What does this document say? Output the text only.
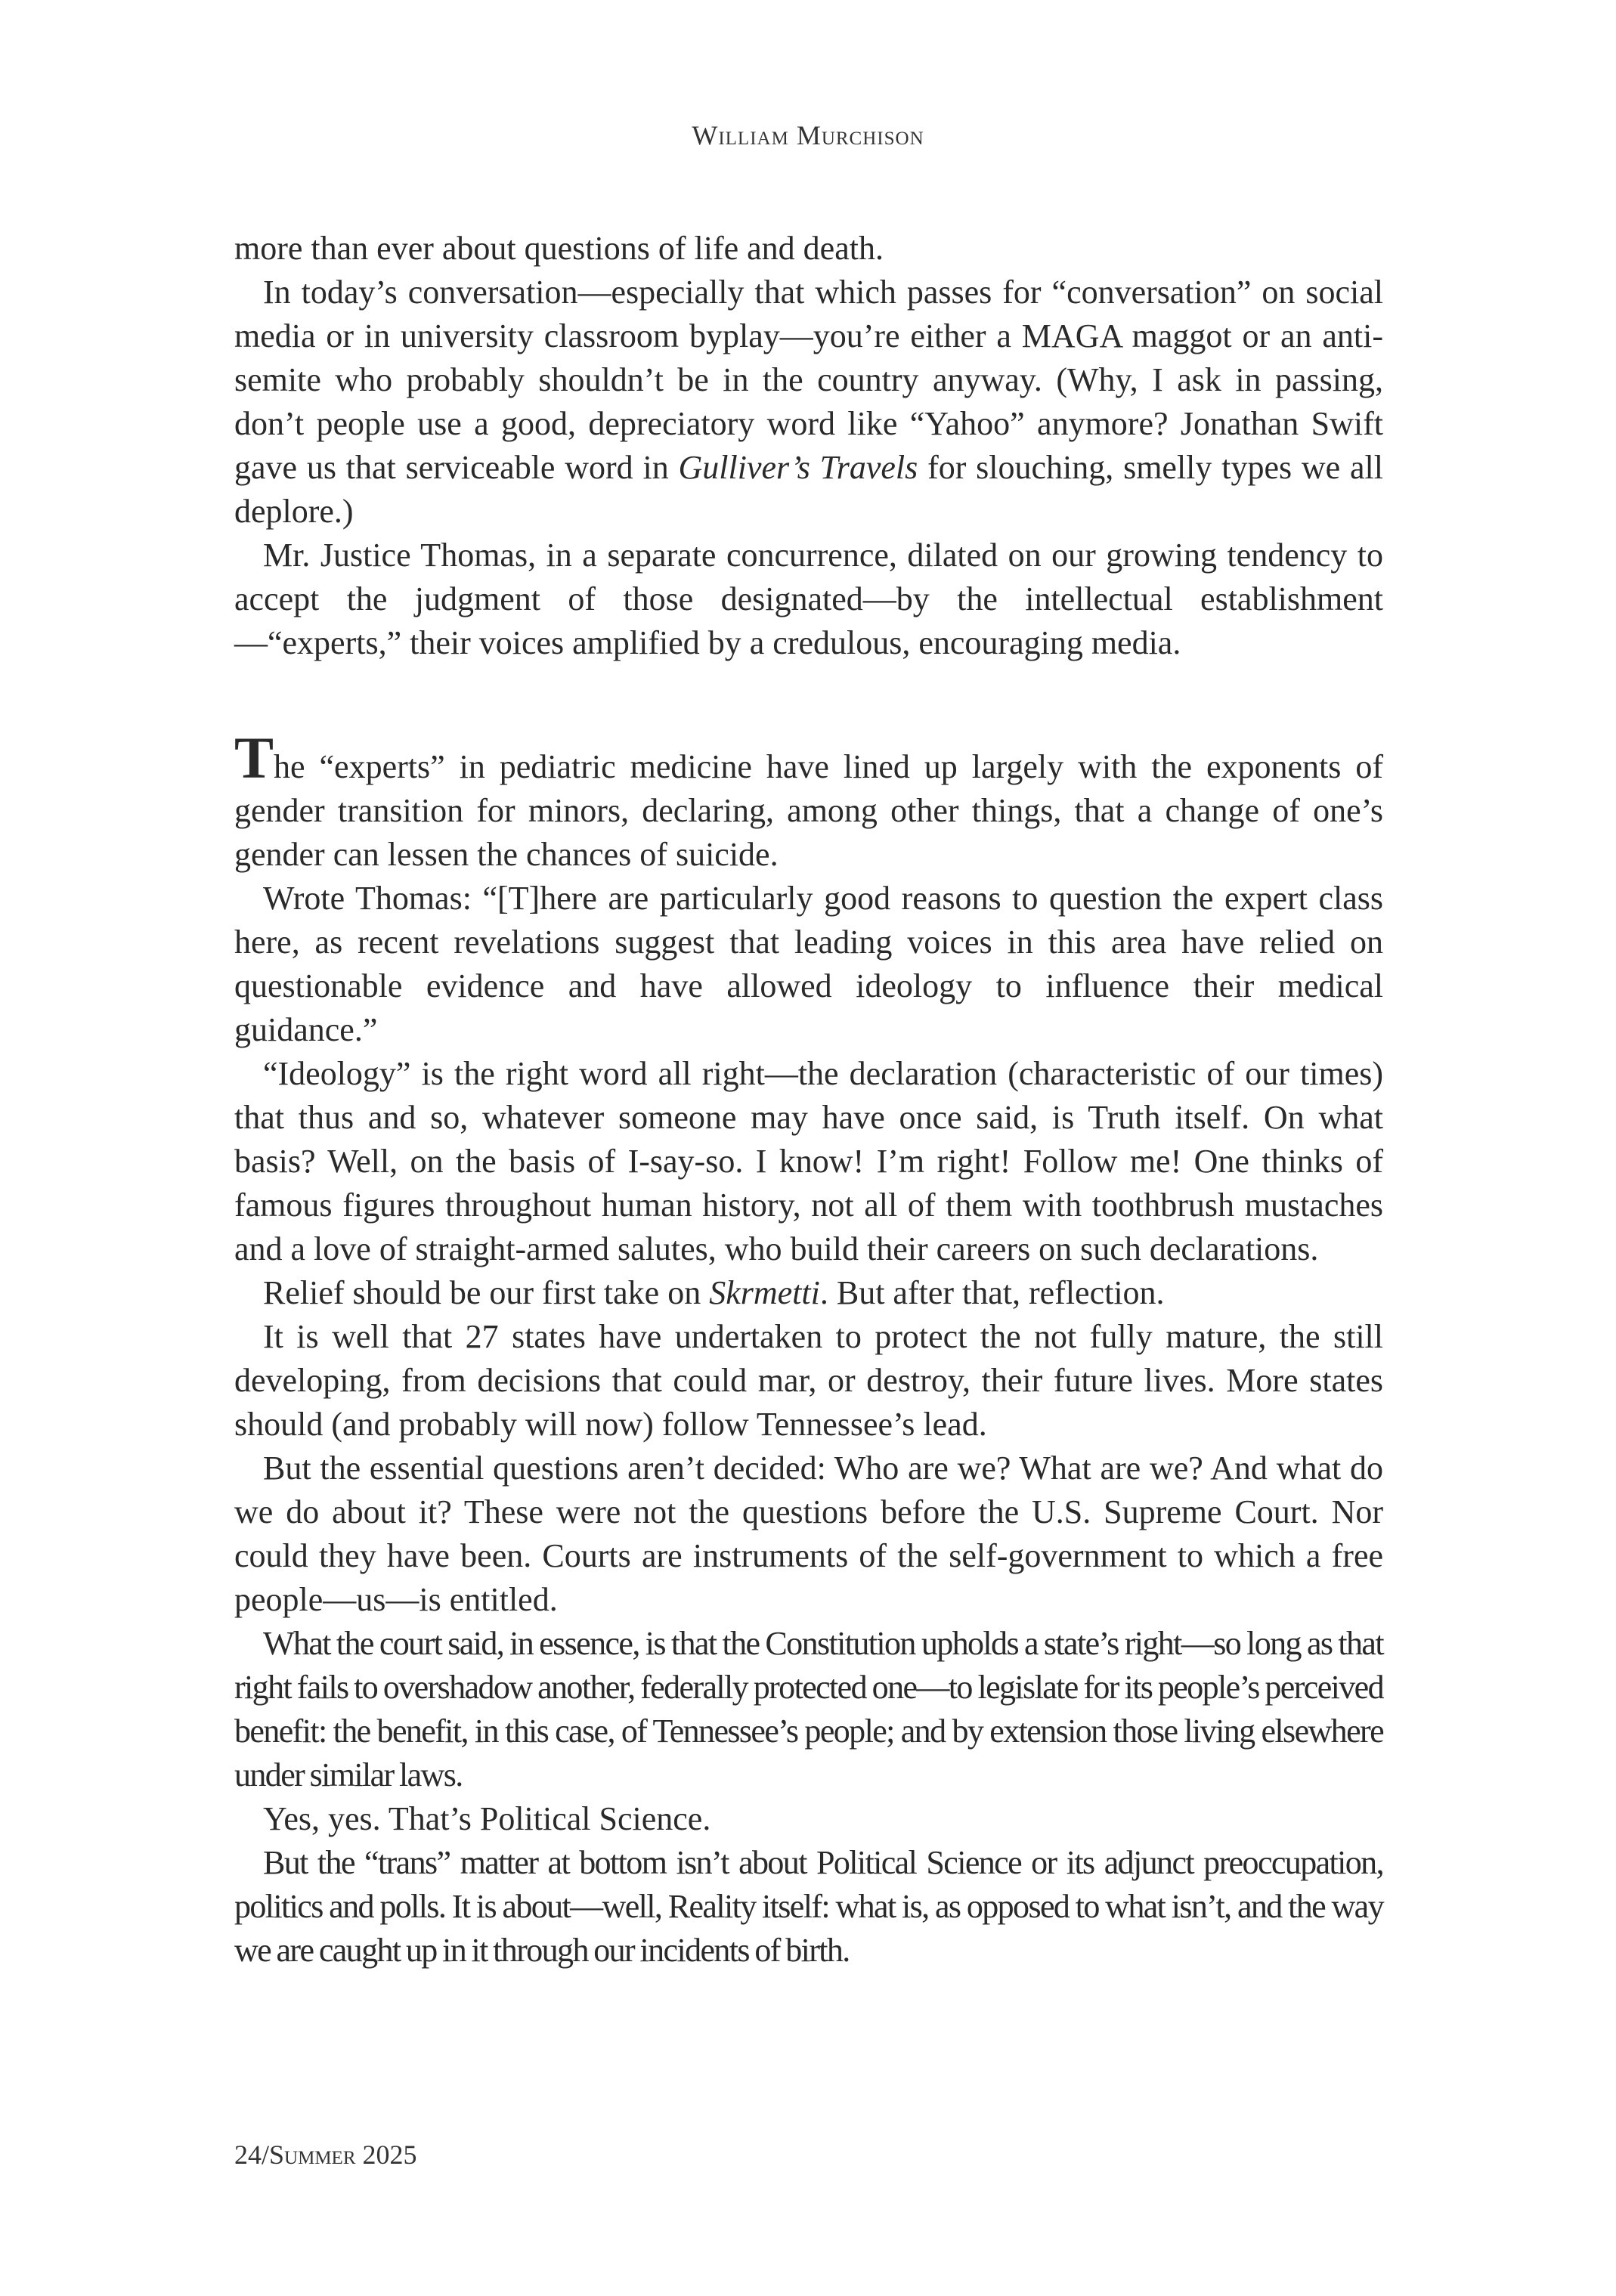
William Murchison

more than ever about questions of life and death.

In today’s conversation—especially that which passes for “conversation” on social media or in university classroom byplay—you’re either a MAGA maggot or an anti-semite who probably shouldn’t be in the country anyway. (Why, I ask in passing, don’t people use a good, depreciatory word like “Yahoo” anymore? Jonathan Swift gave us that serviceable word in Gulliver’s Travels for slouching, smelly types we all deplore.)

Mr. Justice Thomas, in a separate concurrence, dilated on our growing tendency to accept the judgment of those designated—by the intellectual establishment—“experts,” their voices amplified by a credulous, encouraging media.

The “experts” in pediatric medicine have lined up largely with the exponents of gender transition for minors, declaring, among other things, that a change of one’s gender can lessen the chances of suicide.

Wrote Thomas: “[T]here are particularly good reasons to question the expert class here, as recent revelations suggest that leading voices in this area have relied on questionable evidence and have allowed ideology to influence their medical guidance.”

“Ideology” is the right word all right—the declaration (characteristic of our times) that thus and so, whatever someone may have once said, is Truth itself. On what basis? Well, on the basis of I-say-so. I know! I’m right! Follow me! One thinks of famous figures throughout human history, not all of them with toothbrush mustaches and a love of straight-armed salutes, who build their careers on such declarations.

Relief should be our first take on Skrmetti. But after that, reflection.

It is well that 27 states have undertaken to protect the not fully mature, the still developing, from decisions that could mar, or destroy, their future lives. More states should (and probably will now) follow Tennessee’s lead.

But the essential questions aren’t decided: Who are we? What are we? And what do we do about it? These were not the questions before the U.S. Supreme Court. Nor could they have been. Courts are instruments of the self-government to which a free people—us—is entitled.

What the court said, in essence, is that the Constitution upholds a state’s right—so long as that right fails to overshadow another, federally protected one—to legislate for its people’s perceived benefit: the benefit, in this case, of Tennessee’s people; and by extension those living elsewhere under similar laws.

Yes, yes. That’s Political Science.

But the “trans” matter at bottom isn’t about Political Science or its adjunct preoccupation, politics and polls. It is about—well, Reality itself: what is, as opposed to what isn’t, and the way we are caught up in it through our incidents of birth.

24/Summer 2025
